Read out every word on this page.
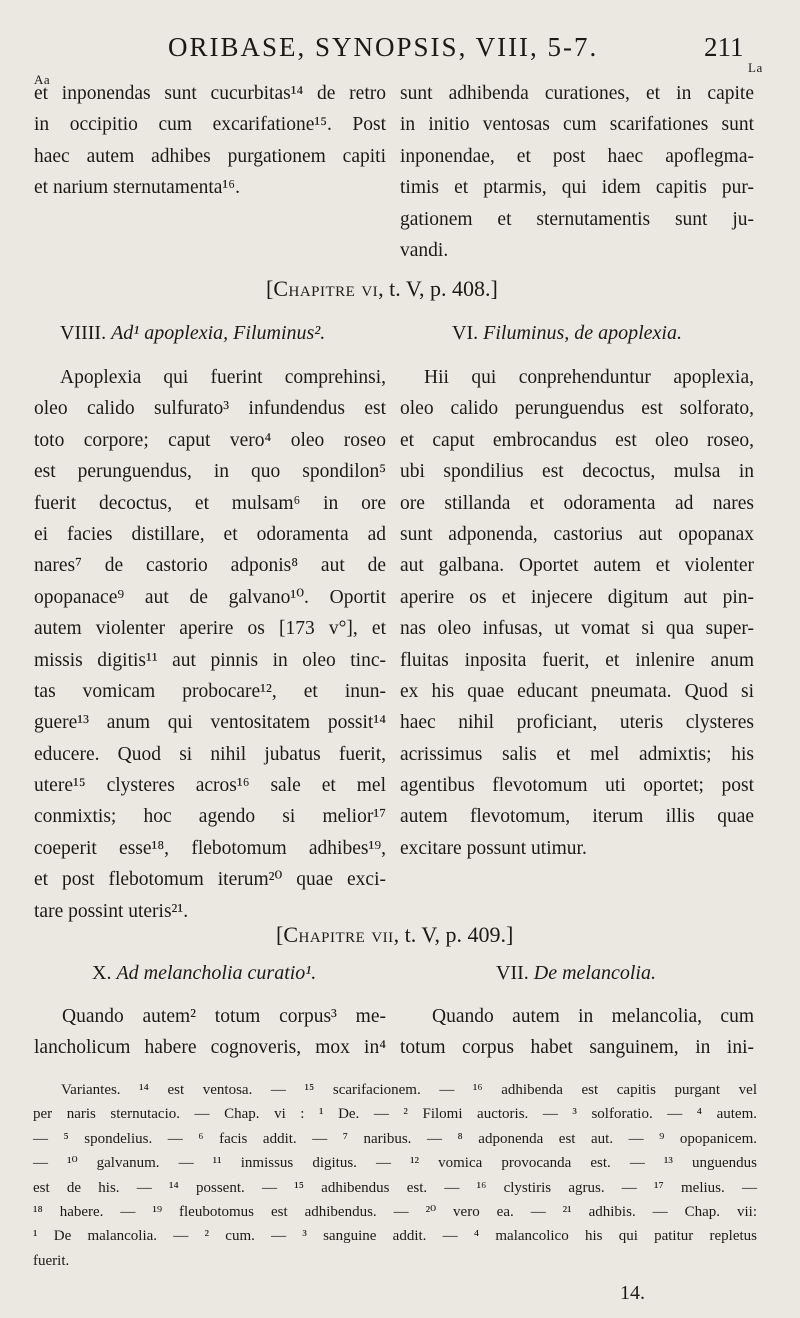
ORIBASE, SYNOPSIS, VIII, 5-7.	211
Aa
La
et inponendas sunt cucurbitas¹⁴ de retro
in occipitio cum excarifatione¹⁵. Post
haec autem adhibes purgationem capiti
et narium sternutamenta¹⁶.
sunt adhibenda curationes, et in capite
in initio ventosas cum scarifationes sunt
inponendae, et post haec apoflegma-
timis et ptarmis, qui idem capitis pur-
gationem et sternutamentis sunt ju-
vandi.
[Chapitre vi, t. V, p. 408.]
VIIII. Ad¹ apoplexia, Filuminus².	VI. Filuminus, de apoplexia.
Apoplexia qui fuerint comprehinsi,
oleo calido sulfurato³ infundendus est
toto corpore; caput vero⁴ oleo roseo
est perunguendus, in quo spondilon⁵
fuerit decoctus, et mulsam⁶ in ore
ei facies distillare, et odoramenta ad
nares⁷ de castorio adponis⁸ aut de
opopanace⁹ aut de galvano¹⁰. Oportit
autem violenter aperire os [173 v°], et
missis digitis¹¹ aut pinnis in oleo tinc-
tas vomicam probocare¹², et inun-
guere¹³ anum qui ventositatem possit¹⁴
educere. Quod si nihil jubatus fuerit,
utere¹⁵ clysteres acros¹⁶ sale et mel
conmixtis; hoc agendo si melior¹⁷
coeperit esse¹⁸, flebotomum adhibes¹⁹,
et post flebotomum iterum²⁰ quae exci-
tare possint uteris²¹.
Hii qui conprehenduntur apoplexia,
oleo calido perunguendus est solforato,
et caput embrocandus est oleo roseo,
ubi spondilius est decoctus, mulsa in
ore stillanda et odoramenta ad nares
sunt adponenda, castorius aut opopanax
aut galbana. Oportet autem et violenter
aperire os et injecere digitum aut pin-
nas oleo infusas, ut vomat si qua super-
fluitas inposita fuerit, et inlenire anum
ex his quae educant pneumata. Quod si
haec nihil proficiant, uteris clysteres
acrissimus salis et mel admixtis; his
agentibus flevotomum uti oportet; post
autem flevotomum, iterum illis quae
excitare possunt utimur.
[Chapitre vii, t. V, p. 409.]
X. Ad melancholia curatio¹.	VII. De melancolia.
Quando autem² totum corpus³ me-
lancholicum habere cognoveris, mox in⁴
Quando autem in melancolia, cum
totum corpus habet sanguinem, in ini-
Variantes. ¹⁴ est ventosa. — ¹⁵ scarifacionem. — ¹⁶ adhibenda est capitis purgant vel
per naris sternutacio. — Chap. vi : ¹ De. — ² Filomi auctoris. — ³ solforatio. — ⁴ autem.
— ⁵ spondelius. — ⁶ facis addit. — ⁷ naribus. — ⁸ adponenda est aut. — ⁹ opopanicem.
— ¹⁰ galvanum. — ¹¹ inmissus digitus. — ¹² vomica provocanda est. — ¹³ unguendus
est de his. — ¹⁴ possent. — ¹⁵ adhibendus est. — ¹⁶ clystiris agrus. — ¹⁷ melius. —
¹⁸ habere. — ¹⁹ fleubotomus est adhibendus. — ²⁰ vero ea. — ²¹ adhibis. — Chap. vii:
¹ De malancolia. — ² cum. — ³ sanguine addit. — ⁴ malancolico his qui patitur repletus
fuerit.
14.
